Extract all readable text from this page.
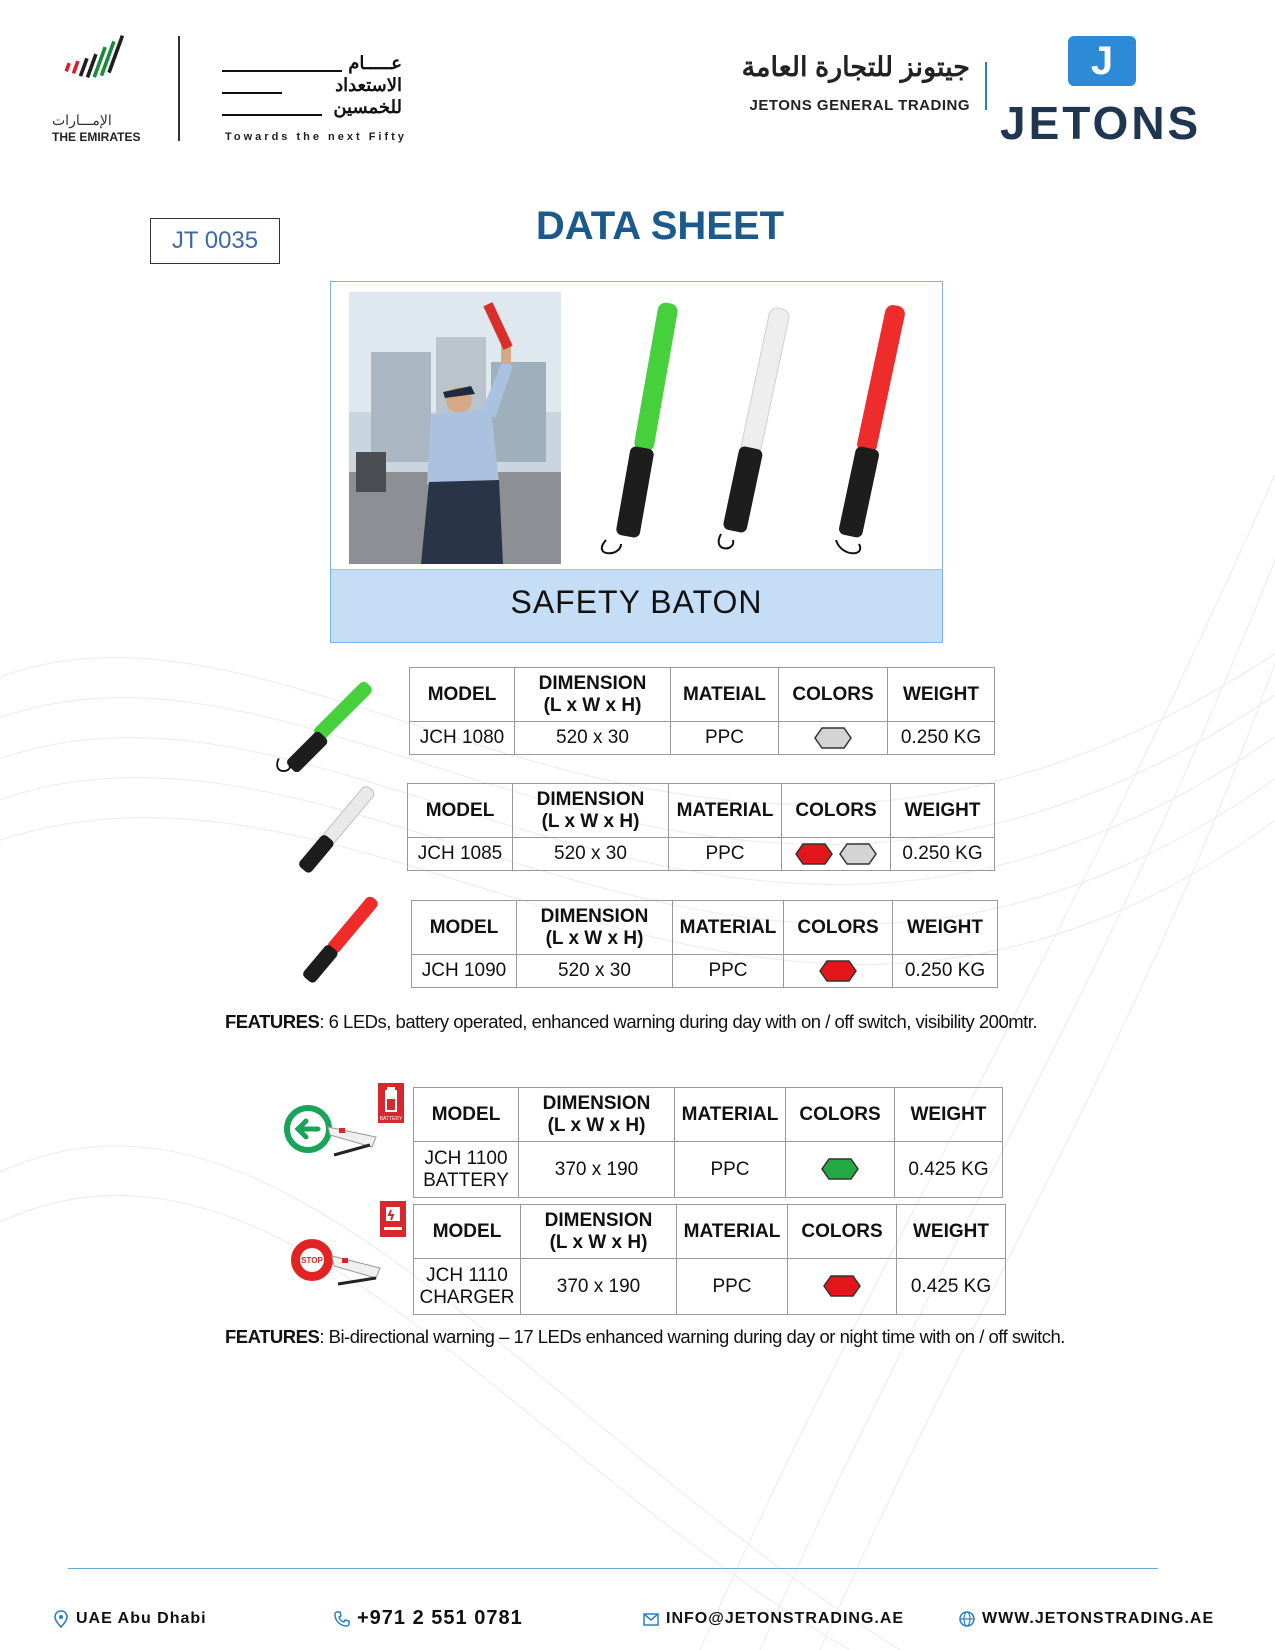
الإمـــارات
THE EMIRATES
عـــــام
الاستعداد
للخمسين
Towards the next Fifty
جيتونز للتجارة العامة
JETONS GENERAL TRADING
J
JETONS
JT 0035	DATA SHEET
SAFETY BATON
MODEL	DIMENSION
(L x W x H)	MATEIAL	COLORS	WEIGHT
JCH 1080	520 x 30	PPC		0.250 KG
MODEL	DIMENSION
(L x W x H)	MATERIAL	COLORS	WEIGHT
JCH 1085	520 x 30	PPC		0.250 KG
MODEL	DIMENSION
(L x W x H)	MATERIAL	COLORS	WEIGHT
JCH 1090	520 x 30	PPC		0.250 KG
FEATURES: 6 LEDs, battery operated, enhanced warning during day with on / off switch, visibility 200mtr.
BATTERY
STOP
MODEL	DIMENSION
(L x W x H)	MATERIAL	COLORS	WEIGHT
JCH 1100
BATTERY	370 x 190	PPC		0.425 KG
MODEL	DIMENSION
(L x W x H)	MATERIAL	COLORS	WEIGHT
JCH 1110
CHARGER	370 x 190	PPC		0.425 KG
FEATURES: Bi-directional warning – 17 LEDs enhanced warning during day or night time with on / off switch.
UAE Abu Dhabi	+971 2 551 0781	INFO@JETONSTRADING.AE	WWW.JETONSTRADING.AE
